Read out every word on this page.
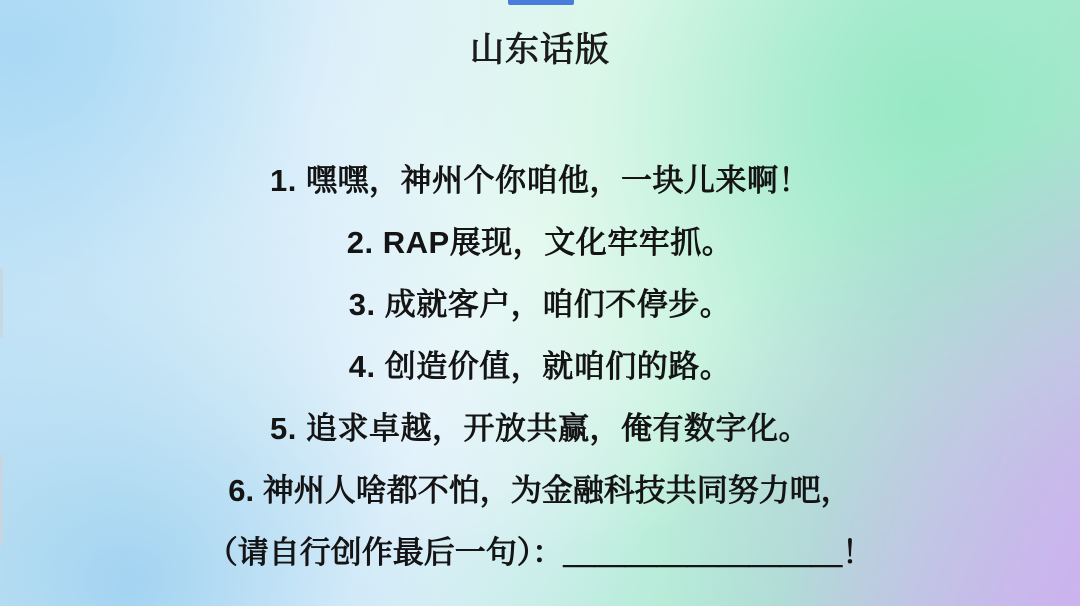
山东话版
1. 嘿嘿，神州个你咱他，一块儿来啊！
2. RAP展现，文化牢牢抓。
3. 成就客户，咱们不停步。
4. 创造价值，就咱们的路。
5. 追求卓越，开放共赢，俺有数字化。
6. 神州人啥都不怕，为金融科技共同努力吧，
（请自行创作最后一句）：＿＿＿＿＿＿＿＿＿！
